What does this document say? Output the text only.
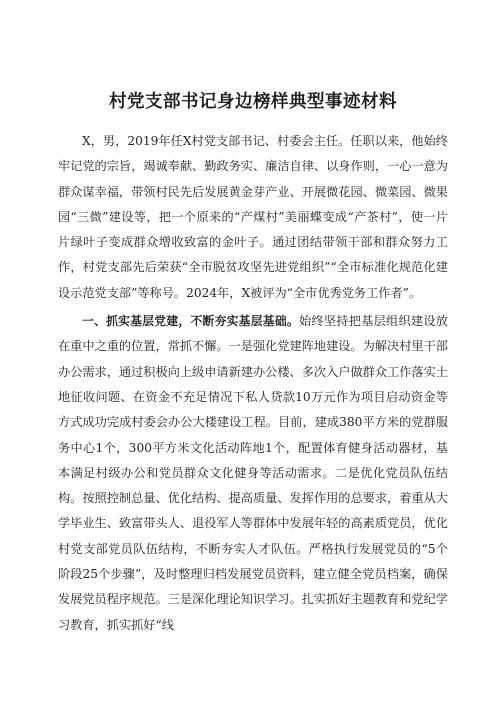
村党支部书记身边榜样典型事迹材料

X，男，2019年任X村党支部书记、村委会主任。任职以来，他始终牢记党的宗旨，竭诚奉献、勤政务实、廉洁自律、以身作则，一心一意为群众谋幸福，带领村民先后发展黄金芽产业、开展微花园、微菜园、微果园“三微”建设等，把一个原来的“产煤村”美丽蝶变成“产茶村”，使一片片绿叶子变成群众增收致富的金叶子。通过团结带领干部和群众努力工作，村党支部先后荣获“全市脱贫攻坚先进党组织”“全市标准化规范化建设示范党支部”等称号。2024年，X被评为“全市优秀党务工作者”。

一、抓实基层党建，不断夯实基层基础。始终坚持把基层组织建设放在重中之重的位置，常抓不懈。一是强化党建阵地建设。为解决村里干部办公需求，通过积极向上级申请新建办公楼、多次入户做群众工作落实土地征收问题、在资金不充足情况下私人贷款10万元作为项目启动资金等方式成功完成村委会办公大楼建设工程。目前，建成380平方米的党群服务中心1个，300平方米文化活动阵地1个，配置体育健身活动器材，基本满足村级办公和党员群众文化健身等活动需求。二是优化党员队伍结构。按照控制总量、优化结构、提高质量、发挥作用的总要求，着重从大学毕业生、致富带头人、退役军人等群体中发展年轻的高素质党员，优化村党支部党员队伍结构，不断夯实人才队伍。严格执行发展党员的“5个阶段25个步骤”，及时整理归档发展党员资料，建立健全党员档案，确保发展党员程序规范。三是深化理论知识学习。扎实抓好主题教育和党纪学习教育，抓实抓好“线
